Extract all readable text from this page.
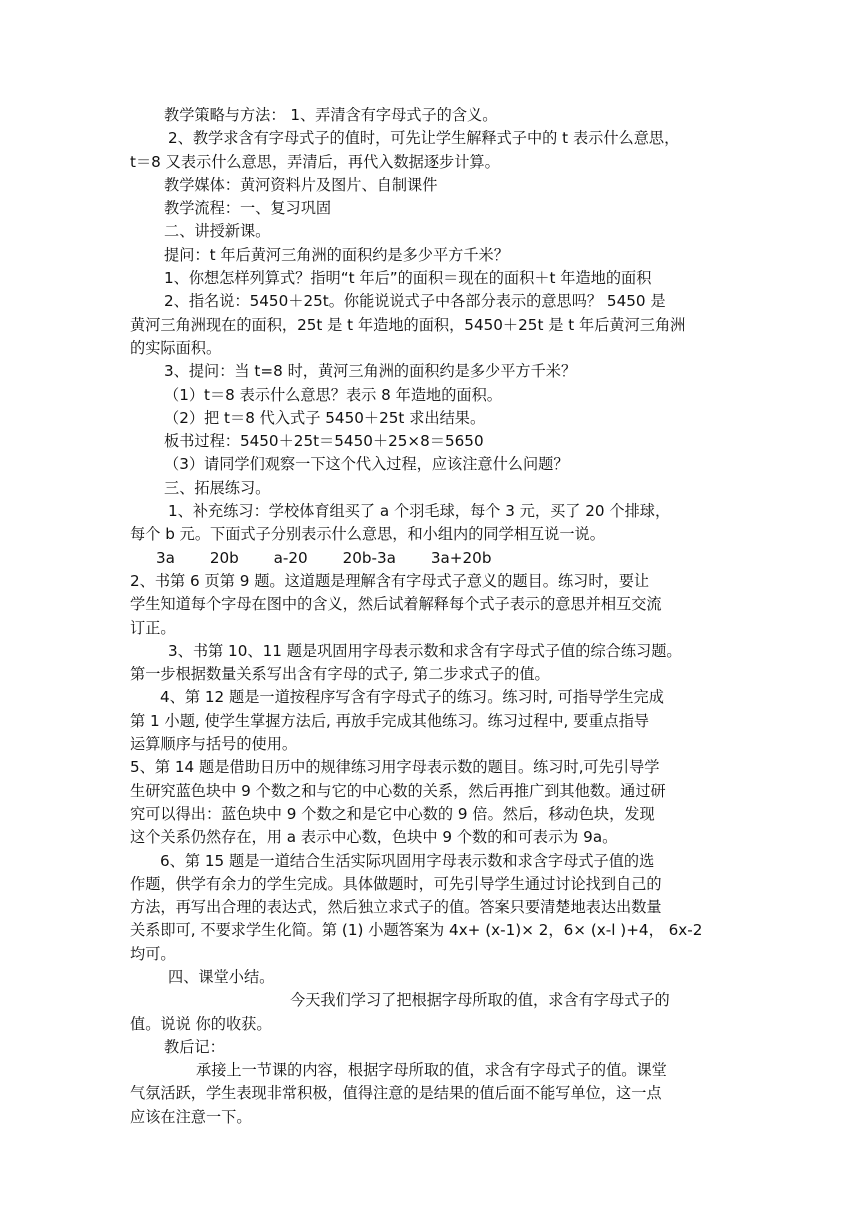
教学策略与方法： 1、弄清含有字母式子的含义。
2、教学求含有字母式子的值时，可先让学生解释式子中的 t 表示什么意思，
t＝8 又表示什么意思，弄清后，再代入数据逐步计算。
教学媒体：黄河资料片及图片、自制课件
教学流程：一、复习巩固
二、讲授新课。
提问：t 年后黄河三角洲的面积约是多少平方千米？
1、你想怎样列算式？指明“t 年后”的面积＝现在的面积＋t 年造地的面积
2、指名说：5450＋25t。你能说说式子中各部分表示的意思吗？ 5450 是
黄河三角洲现在的面积，25t 是 t 年造地的面积，5450＋25t 是 t 年后黄河三角洲
的实际面积。
3、提问：当 t=8 时，黄河三角洲的面积约是多少平方千米？
（1）t＝8 表示什么意思？表示 8 年造地的面积。
（2）把 t＝8 代入式子 5450＋25t 求出结果。
板书过程：5450＋25t＝5450＋25×8＝5650
（3）请同学们观察一下这个代入过程，应该注意什么问题？
三、拓展练习。
1、补充练习：学校体育组买了 a 个羽毛球，每个 3 元，买了 20 个排球，
每个 b 元。下面式子分别表示什么意思，和小组内的同学相互说一说。
3a 20b a-20 20b-3a 3a+20b
2、书第 6 页第 9 题。这道题是理解含有字母式子意义的题目。练习时，要让
学生知道每个字母在图中的含义，然后试着解释每个式子表示的意思并相互交流
订正。
3、书第 10、11 题是巩固用字母表示数和求含有字母式子值的综合练习题。
第一步根据数量关系写出含有字母的式子, 第二步求式子的值。
4、第 12 题是一道按程序写含有字母式子的练习。练习时, 可指导学生完成
第 1 小题, 使学生掌握方法后, 再放手完成其他练习。练习过程中, 要重点指导
运算顺序与括号的使用。
5、第 14 题是借助日历中的规律练习用字母表示数的题目。练习时,可先引导学
生研究蓝色块中 9 个数之和与它的中心数的关系，然后再推广到其他数。通过研
究可以得出：蓝色块中 9 个数之和是它中心数的 9 倍。然后，移动色块，发现
这个关系仍然存在，用 a 表示中心数，色块中 9 个数的和可表示为 9a。
6、第 15 题是一道结合生活实际巩固用字母表示数和求含字母式子值的选
作题，供学有余力的学生完成。具体做题时，可先引导学生通过讨论找到自己的
方法，再写出合理的表达式，然后独立求式子的值。答案只要清楚地表达出数量
关系即可, 不要求学生化简。第 (1) 小题答案为 4x+ (x-1)× 2，6× (x-l )+4， 6x-2
均可。
四、课堂小结。
今天我们学习了把根据字母所取的值，求含有字母式子的
值。说说 你的收获。
教后记：
承接上一节课的内容，根据字母所取的值，求含有字母式子的值。课堂
气氛活跃，学生表现非常积极，值得注意的是结果的值后面不能写单位，这一点
应该在注意一下。
